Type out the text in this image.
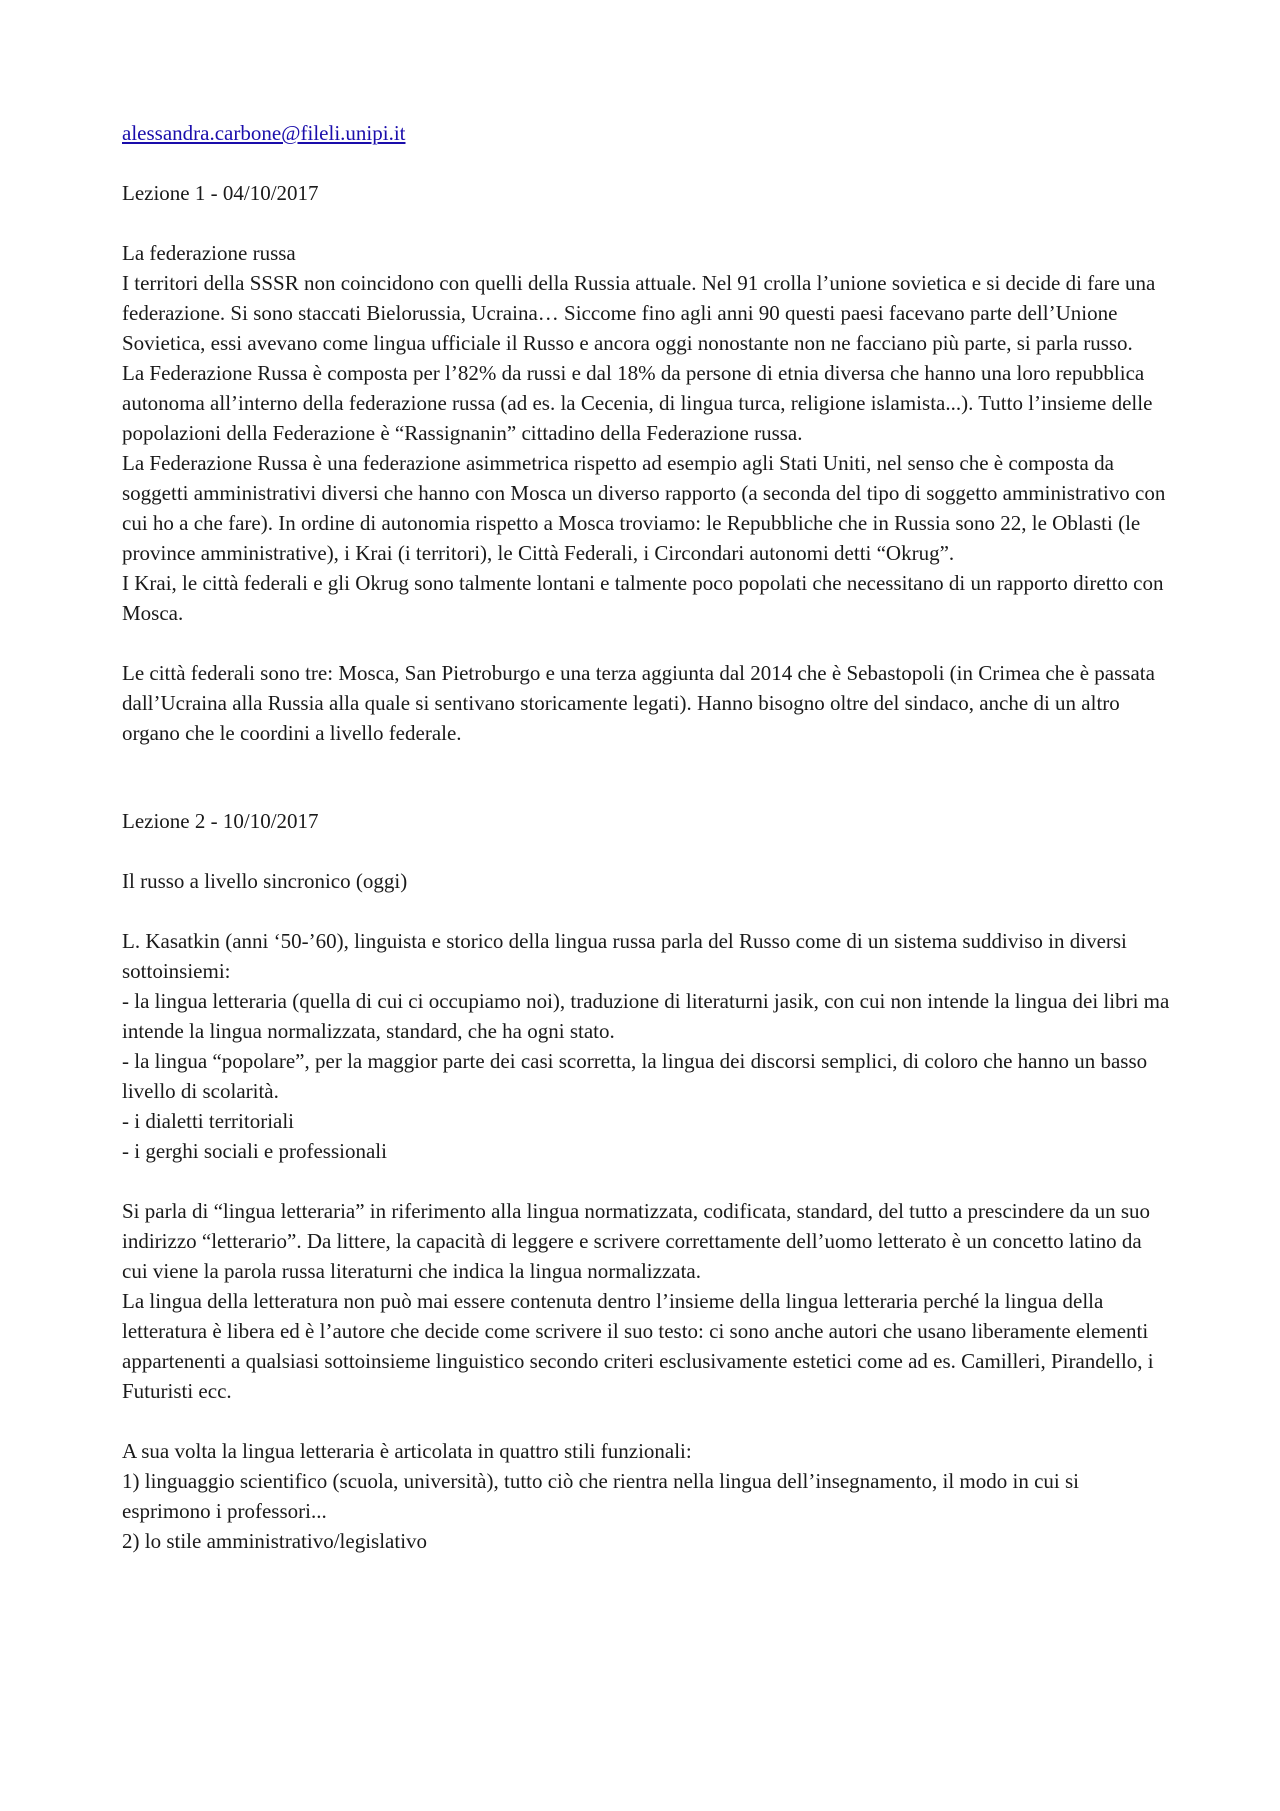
alessandra.carbone@fileli.unipi.it

Lezione 1 - 04/10/2017

La federazione russa

I territori della SSSR non coincidono con quelli della Russia attuale. Nel 91 crolla l’unione sovietica e si decide di fare una federazione. Si sono staccati Bielorussia, Ucraina… Siccome fino agli anni 90 questi paesi facevano parte dell’Unione Sovietica, essi avevano come lingua ufficiale il Russo e ancora oggi nonostante non ne facciano più parte, si parla russo.

La Federazione Russa è composta per l’82% da russi e dal 18% da persone di etnia diversa che hanno una loro repubblica autonoma all’interno della federazione russa (ad es. la Cecenia, di lingua turca, religione islamista...). Tutto l’insieme delle popolazioni della Federazione è “Rassignanin” cittadino della Federazione russa.

La Federazione Russa è una federazione asimmetrica rispetto ad esempio agli Stati Uniti, nel senso che è composta da soggetti amministrativi diversi che hanno con Mosca un diverso rapporto (a seconda del tipo di soggetto amministrativo con cui ho a che fare). In ordine di autonomia rispetto a Mosca troviamo: le Repubbliche che in Russia sono 22, le Oblasti (le province amministrative), i Krai (i territori), le Città Federali, i Circondari autonomi detti “Okrug”.

I Krai, le città federali e gli Okrug sono talmente lontani e talmente poco popolati che necessitano di un rapporto diretto con Mosca.

Le città federali sono tre: Mosca, San Pietroburgo e una terza aggiunta dal 2014 che è Sebastopoli (in Crimea che è passata dall’Ucraina alla Russia alla quale si sentivano storicamente legati). Hanno bisogno oltre del sindaco, anche di un altro organo che le coordini a livello federale.

Lezione 2 - 10/10/2017

Il russo a livello sincronico (oggi)

L. Kasatkin (anni ‘50-’60), linguista e storico della lingua russa parla del Russo come di un sistema suddiviso in diversi sottoinsiemi:

- la lingua letteraria (quella di cui ci occupiamo noi), traduzione di literaturni jasik, con cui non intende la lingua dei libri ma intende la lingua normalizzata, standard, che ha ogni stato.

- la lingua “popolare”, per la maggior parte dei casi scorretta, la lingua dei discorsi semplici, di coloro che hanno un basso livello di scolarità.

- i dialetti territoriali

- i gerghi sociali e professionali

Si parla di “lingua letteraria” in riferimento alla lingua normatizzata, codificata, standard, del tutto a prescindere da un suo indirizzo “letterario”. Da littere, la capacità di leggere e scrivere correttamente dell’uomo letterato è un concetto latino da cui viene la parola russa literaturni che indica la lingua normalizzata.

La lingua della letteratura non può mai essere contenuta dentro l’insieme della lingua letteraria perché la lingua della letteratura è libera ed è l’autore che decide come scrivere il suo testo: ci sono anche autori che usano liberamente elementi appartenenti a qualsiasi sottoinsieme linguistico secondo criteri esclusivamente estetici come ad es. Camilleri, Pirandello, i Futuristi ecc.

A sua volta la lingua letteraria è articolata in quattro stili funzionali:

1) linguaggio scientifico (scuola, università), tutto ciò che rientra nella lingua dell’insegnamento, il modo in cui si esprimono i professori...

2) lo stile amministrativo/legislativo
